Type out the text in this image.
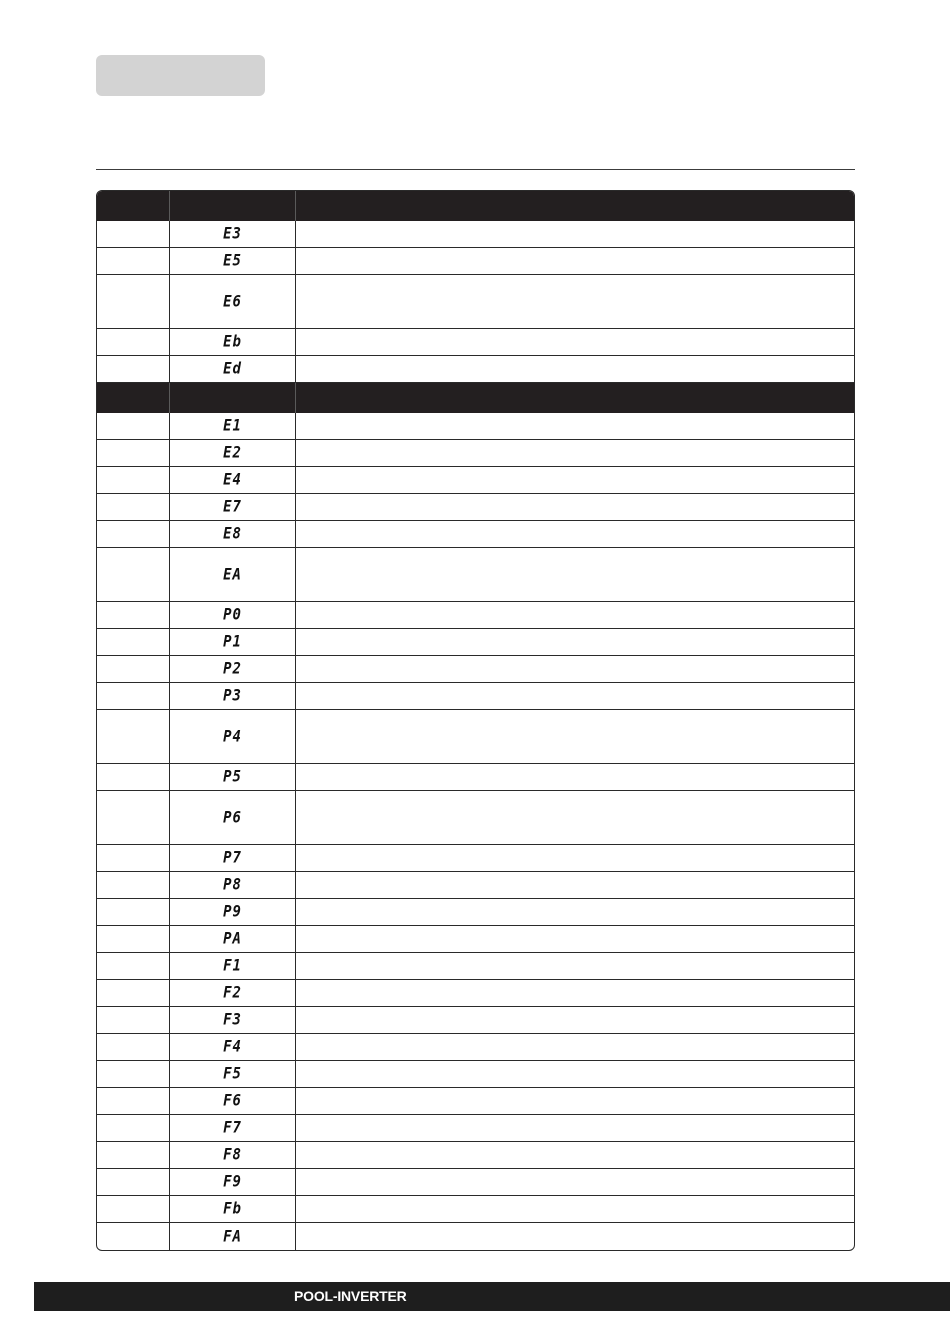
E3
E5
E6
Eb
Ed
E1
E2
E4
E7
E8
EA
P0
P1
P2
P3
P4
P5
P6
P7
P8
P9
PA
F1
F2
F3
F4
F5
F6
F7
F8
F9
Fb
FA
POOL-INVERTER
